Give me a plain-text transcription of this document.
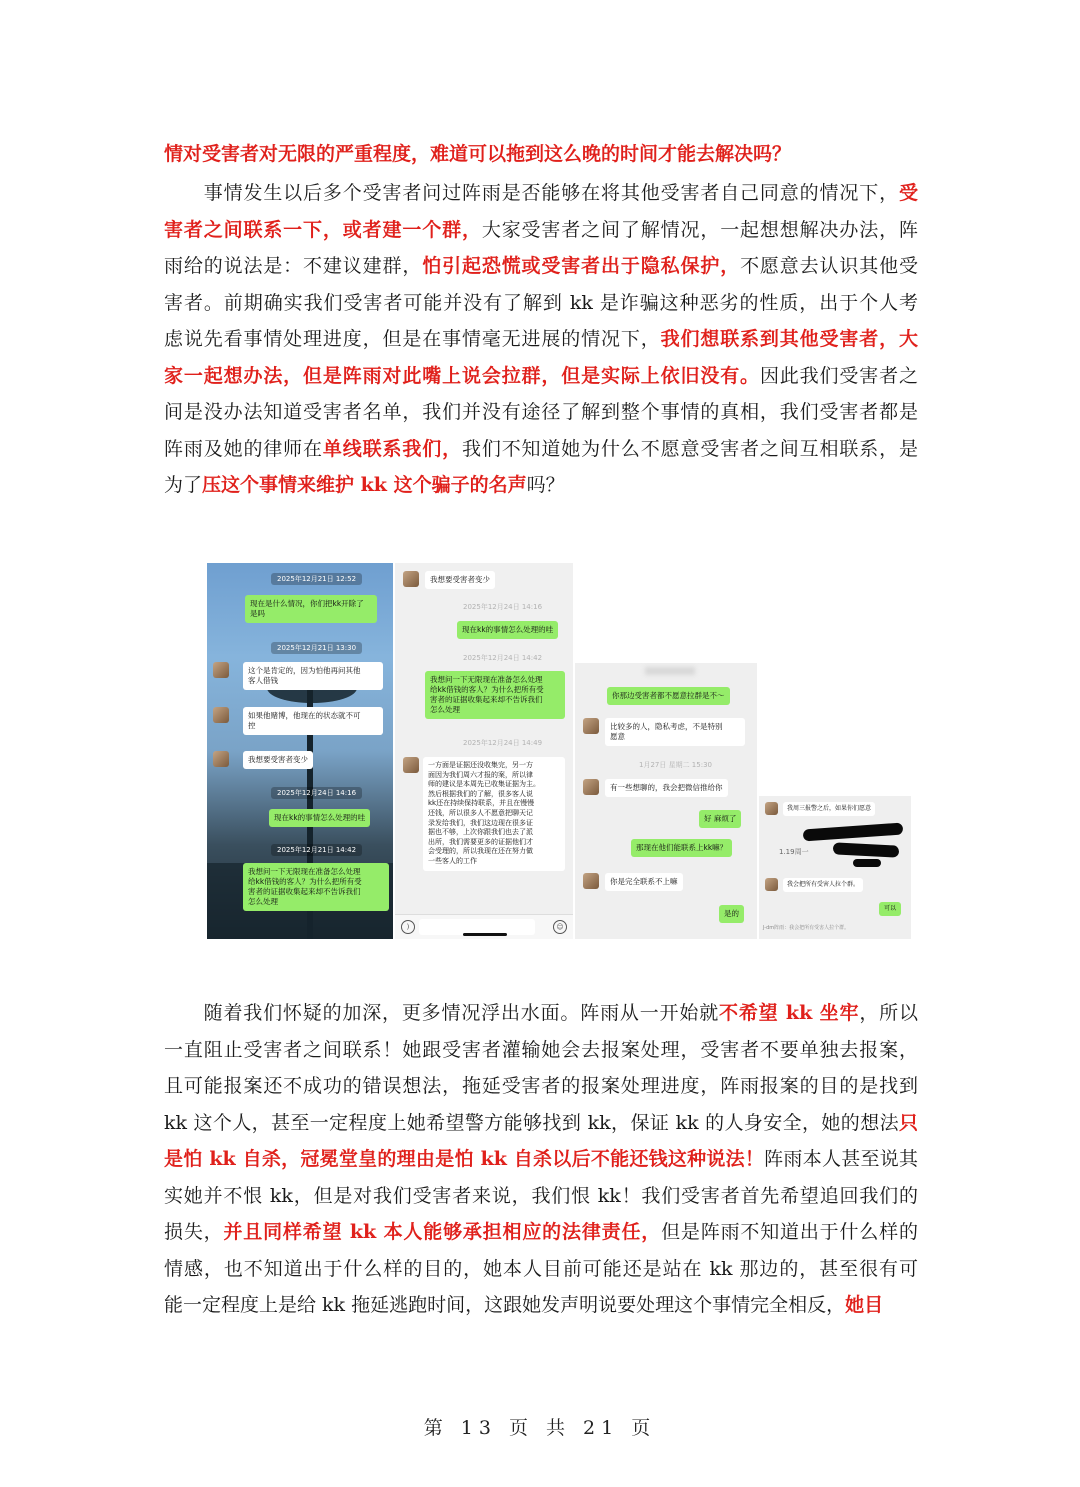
情对受害者对无限的严重程度，难道可以拖到这么晚的时间才能去解决吗？
　　事情发生以后多个受害者问过阵雨是否能够在将其他受害者自己同意的情况下，受
害者之间联系一下，或者建一个群，大家受害者之间了解情况，一起想想解决办法，阵
雨给的说法是：不建议建群，怕引起恐慌或受害者出于隐私保护，不愿意去认识其他受
害者。前期确实我们受害者可能并没有了解到 kk 是诈骗这种恶劣的性质，出于个人考
虑说先看事情处理进度，但是在事情毫无进展的情况下，我们想联系到其他受害者，大
家一起想办法，但是阵雨对此嘴上说会拉群，但是实际上依旧没有。因此我们受害者之
间是没办法知道受害者名单，我们并没有途径了解到整个事情的真相，我们受害者都是
阵雨及她的律师在单线联系我们，我们不知道她为什么不愿意受害者之间互相联系，是
为了压这个事情来维护 kk 这个骗子的名声吗？
2025年12月21日 12:52
现在是什么情况，你们把kk开除了
是吗
2025年12月21日 13:30
这个是肯定的，因为怕他再问其他
客人借钱
如果他赌博，他现在的状态就不可
控
我想要受害者变少
2025年12月24日 14:16
现在kk的事情怎么处理的哇
2025年12月21日 14:42
我想问一下无限现在准备怎么处理
给kk借钱的客人？为什么把所有受
害者的证据收集起来却不告诉我们
怎么处理
我想要受害者变少
2025年12月24日 14:16
现在kk的事情怎么处理的哇
2025年12月24日 14:42
我想问一下无限现在准备怎么处理
给kk借钱的客人？为什么把所有受
害者的证据收集起来却不告诉我们
怎么处理
2025年12月24日 14:49
一方面是证据还没收集完，另一方
面因为我们周六才报的案，所以律
师的建议是本周先已收集证据为主。
然后根据我们的了解，很多客人说
kk还在持续保持联系，并且在慢慢
还钱，所以很多人不愿意把聊天记
录发给我们，我们这边现在很多证
据也不够，上次你跟我们也去了派
出所，我们需要更多的证据他们才
会受理的，所以我现在还在努力做
一些客人的工作
)	☺
你那边受害者都不愿意拉群是不～
比较多的人，隐私考虑，不是特别
愿意
1月27日 星期二 15:30
有一些想聊的，我会把微信推给你
好 麻烦了
那现在他们能联系上kk嘛？
你是完全联系不上嘛
是的
我周三报警之后，如果你们愿意
1.19周一
我会把所有受害人拉个群。
可以
J-dm阵雨：我会把所有受害人拉个群。
　　随着我们怀疑的加深，更多情况浮出水面。阵雨从一开始就不希望 kk 坐牢，所以
一直阻止受害者之间联系！她跟受害者灌输她会去报案处理，受害者不要单独去报案，
且可能报案还不成功的错误想法，拖延受害者的报案处理进度，阵雨报案的目的是找到
kk 这个人，甚至一定程度上她希望警方能够找到 kk，保证 kk 的人身安全，她的想法只
是怕 kk 自杀，冠冕堂皇的理由是怕 kk 自杀以后不能还钱这种说法！阵雨本人甚至说其
实她并不恨 kk，但是对我们受害者来说，我们恨 kk！我们受害者首先希望追回我们的
损失，并且同样希望 kk 本人能够承担相应的法律责任，但是阵雨不知道出于什么样的
情感，也不知道出于什么样的目的，她本人目前可能还是站在 kk 那边的，甚至很有可
能一定程度上是给 kk 拖延逃跑时间，这跟她发声明说要处理这个事情完全相反，她目
第 13 页 共 21 页
